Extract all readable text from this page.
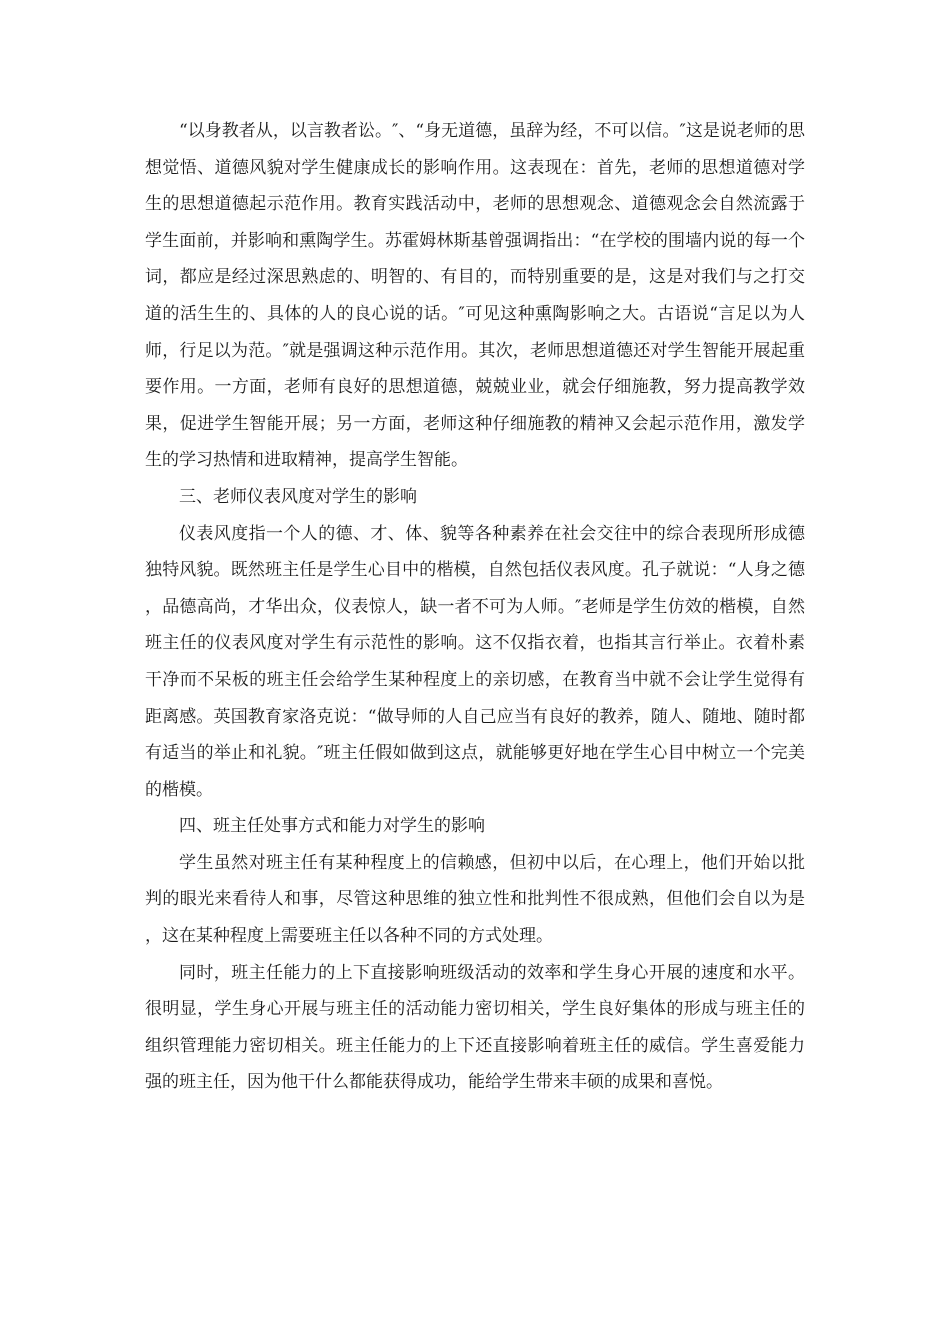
“以身教者从，以言教者讼。″、“身无道德，虽辞为经，不可以信。″这是说老师的思想觉悟、道德风貌对学生健康成长的影响作用。这表现在：首先，老师的思想道德对学生的思想道德起示范作用。教育实践活动中，老师的思想观念、道德观念会自然流露于学生面前，并影响和熏陶学生。苏霍姆林斯基曾强调指出：“在学校的围墙内说的每一个词，都应是经过深思熟虑的、明智的、有目的，而特别重要的是，这是对我们与之打交道的活生生的、具体的人的良心说的话。″可见这种熏陶影响之大。古语说“言足以为人师，行足以为范。″就是强调这种示范作用。其次，老师思想道德还对学生智能开展起重要作用。一方面，老师有良好的思想道德，兢兢业业，就会仔细施教，努力提高教学效果，促进学生智能开展；另一方面，老师这种仔细施教的精神又会起示范作用，激发学生的学习热情和进取精神，提高学生智能。

三、老师仪表风度对学生的影响

仪表风度指一个人的德、才、体、貌等各种素养在社会交往中的综合表现所形成德独特风貌。既然班主任是学生心目中的楷模，自然包括仪表风度。孔子就说：“人身之德，品德高尚，才华出众，仪表惊人，缺一者不可为人师。″老师是学生仿效的楷模，自然班主任的仪表风度对学生有示范性的影响。这不仅指衣着，也指其言行举止。衣着朴素干净而不呆板的班主任会给学生某种程度上的亲切感，在教育当中就不会让学生觉得有距离感。英国教育家洛克说：“做导师的人自己应当有良好的教养，随人、随地、随时都有适当的举止和礼貌。″班主任假如做到这点，就能够更好地在学生心目中树立一个完美的楷模。

四、班主任处事方式和能力对学生的影响

学生虽然对班主任有某种程度上的信赖感，但初中以后，在心理上，他们开始以批判的眼光来看待人和事，尽管这种思维的独立性和批判性不很成熟，但他们会自以为是，这在某种程度上需要班主任以各种不同的方式处理。

同时，班主任能力的上下直接影响班级活动的效率和学生身心开展的速度和水平。很明显，学生身心开展与班主任的活动能力密切相关，学生良好集体的形成与班主任的组织管理能力密切相关。班主任能力的上下还直接影响着班主任的威信。学生喜爱能力强的班主任，因为他干什么都能获得成功，能给学生带来丰硕的成果和喜悦。
